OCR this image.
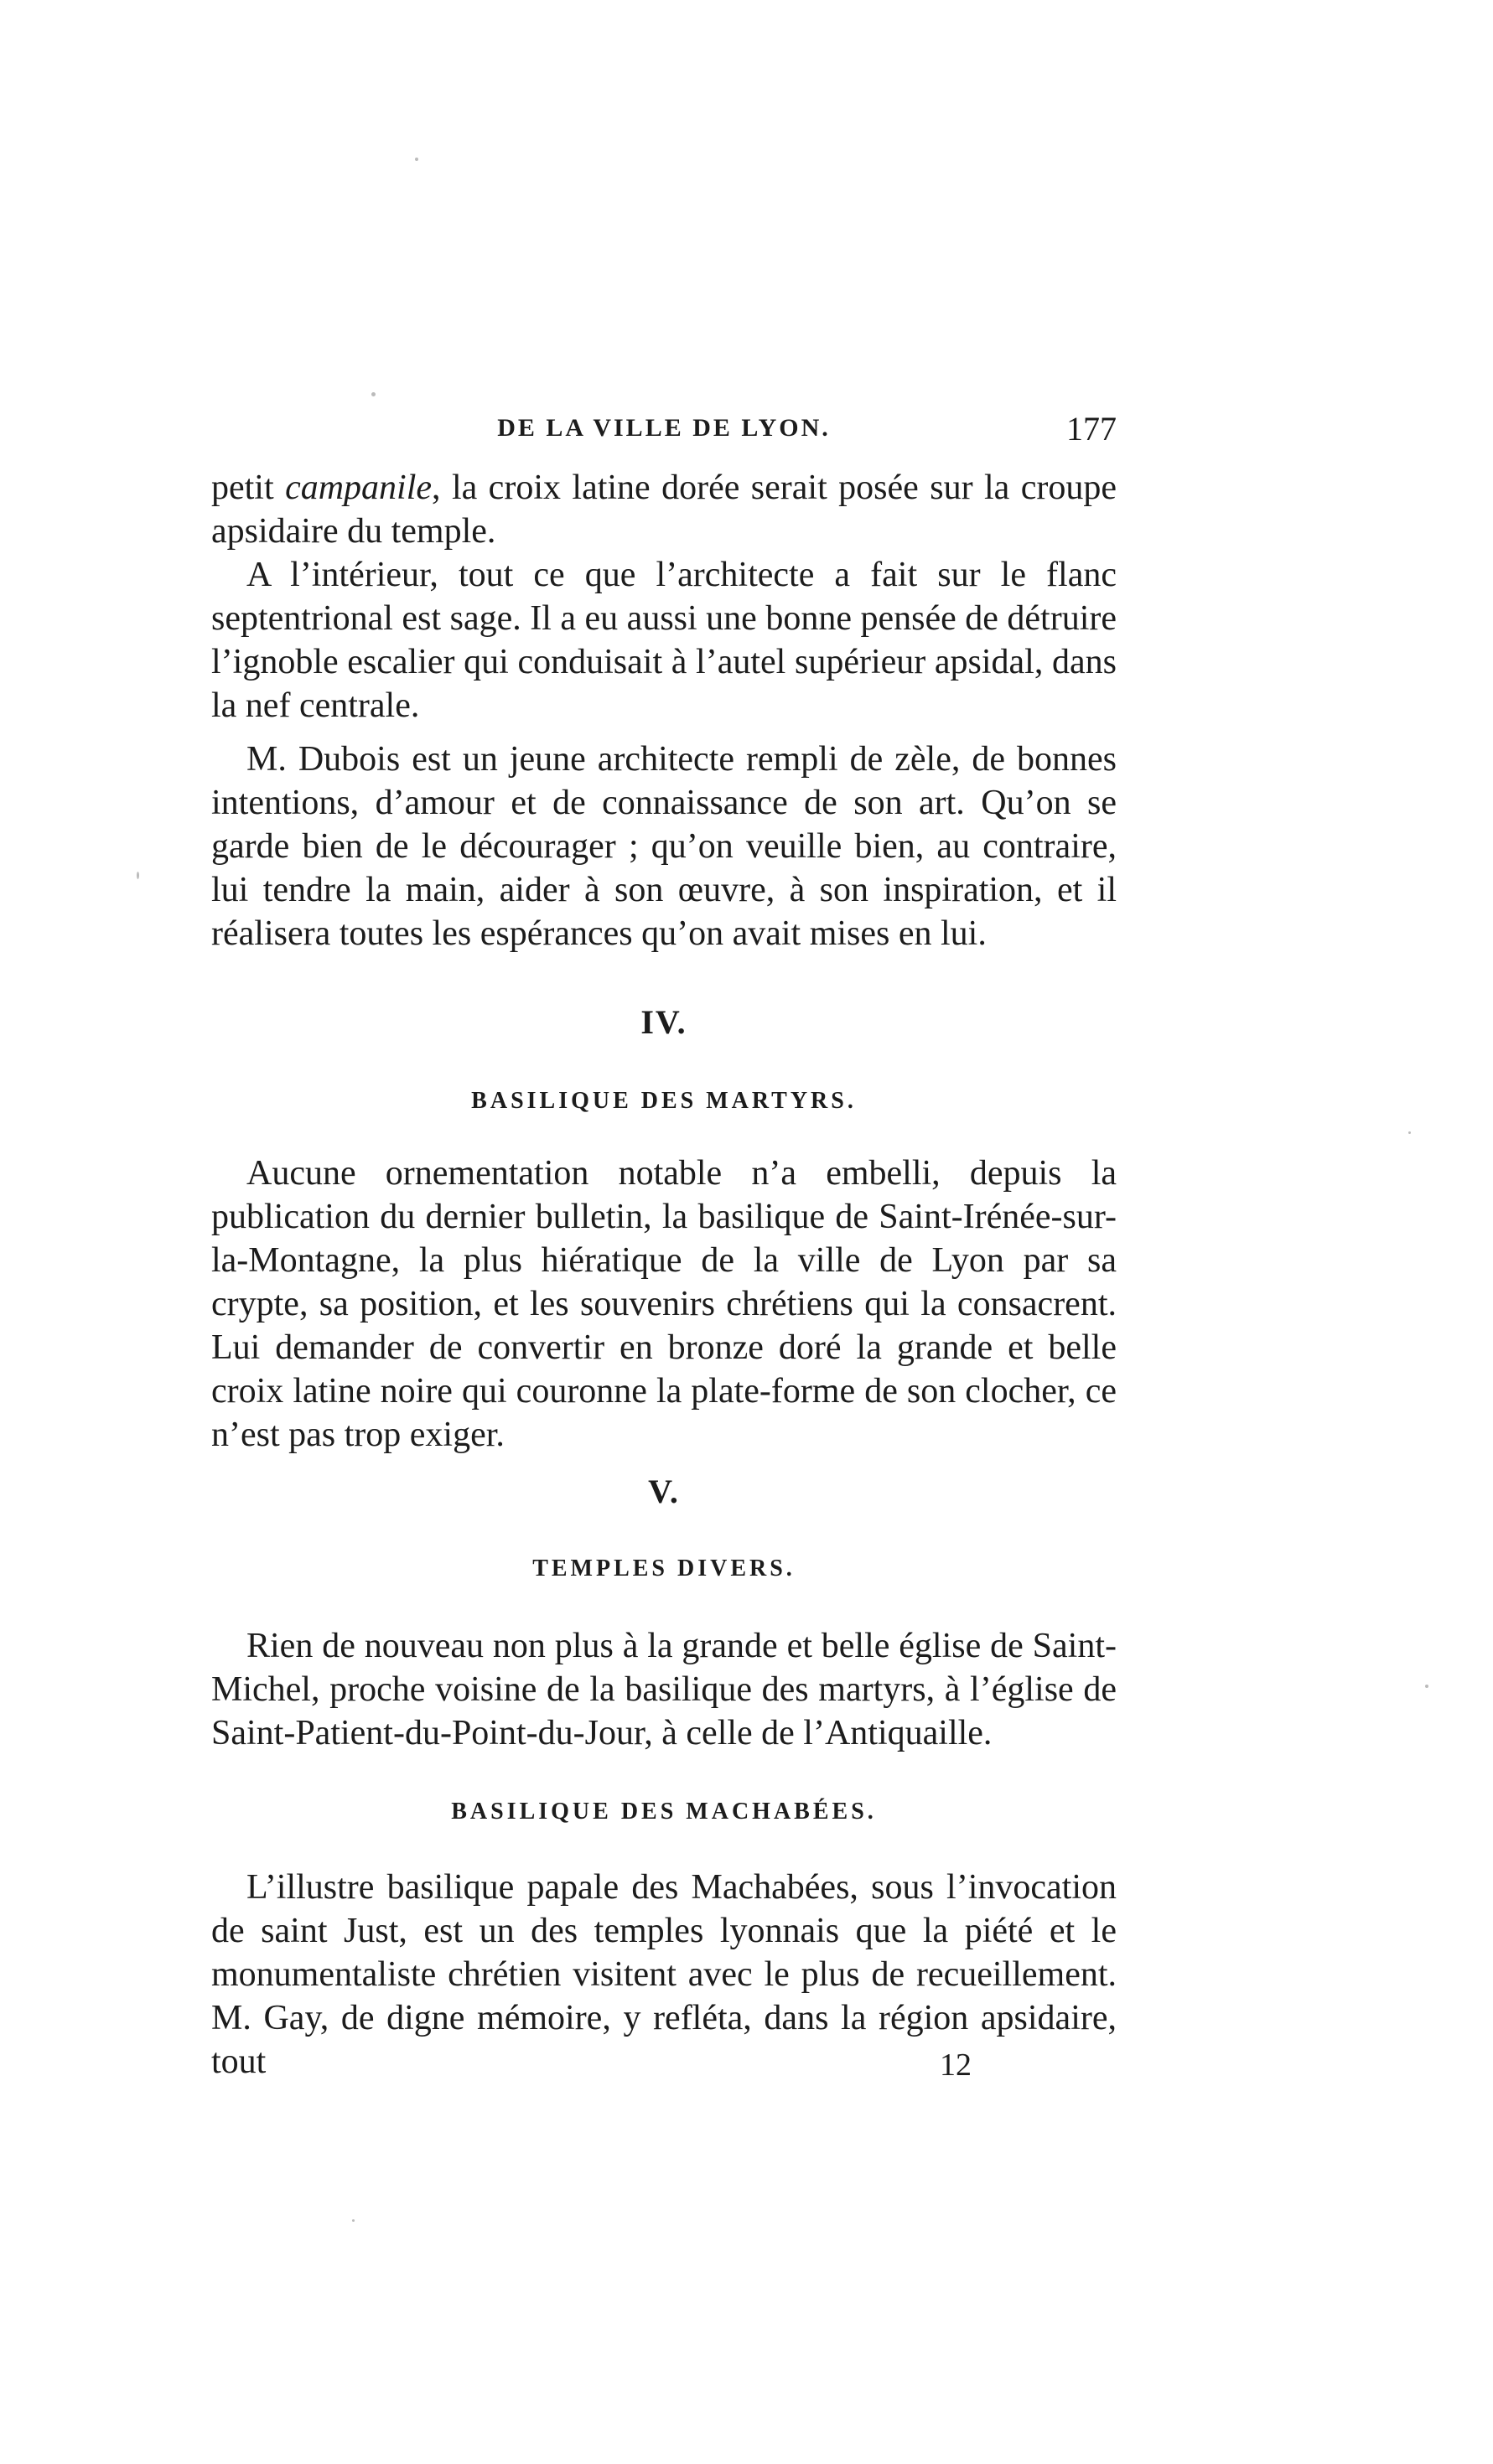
DE LA VILLE DE LYON.	177

petit campanile, la croix latine dorée serait posée sur la croupe apsidaire du temple.

A l’intérieur, tout ce que l’architecte a fait sur le flanc septentrional est sage. Il a eu aussi une bonne pensée de détruire l’ignoble escalier qui conduisait à l’autel supérieur apsidal, dans la nef centrale.

M. Dubois est un jeune architecte rempli de zèle, de bonnes intentions, d’amour et de connaissance de son art. Qu’on se garde bien de le décourager ; qu’on veuille bien, au contraire, lui tendre la main, aider à son œuvre, à son inspiration, et il réalisera toutes les espérances qu’on avait mises en lui.

IV.
BASILIQUE DES MARTYRS.
Aucune ornementation notable n’a embelli, depuis la publication du dernier bulletin, la basilique de Saint-Irénée-sur-la-Montagne, la plus hiératique de la ville de Lyon par sa crypte, sa position, et les souvenirs chrétiens qui la consacrent. Lui demander de convertir en bronze doré la grande et belle croix latine noire qui couronne la plate-forme de son clocher, ce n’est pas trop exiger.
V.
TEMPLES DIVERS.
Rien de nouveau non plus à la grande et belle église de Saint-Michel, proche voisine de la basilique des martyrs, à l’église de Saint-Patient-du-Point-du-Jour, à celle de l’Antiquaille.
BASILIQUE DES MACHABÉES.
L’illustre basilique papale des Machabées, sous l’invocation de saint Just, est un des temples lyonnais que la piété et le monumentaliste chrétien visitent avec le plus de recueillement. M. Gay, de digne mémoire, y refléta, dans la région apsidaire, tout	12
